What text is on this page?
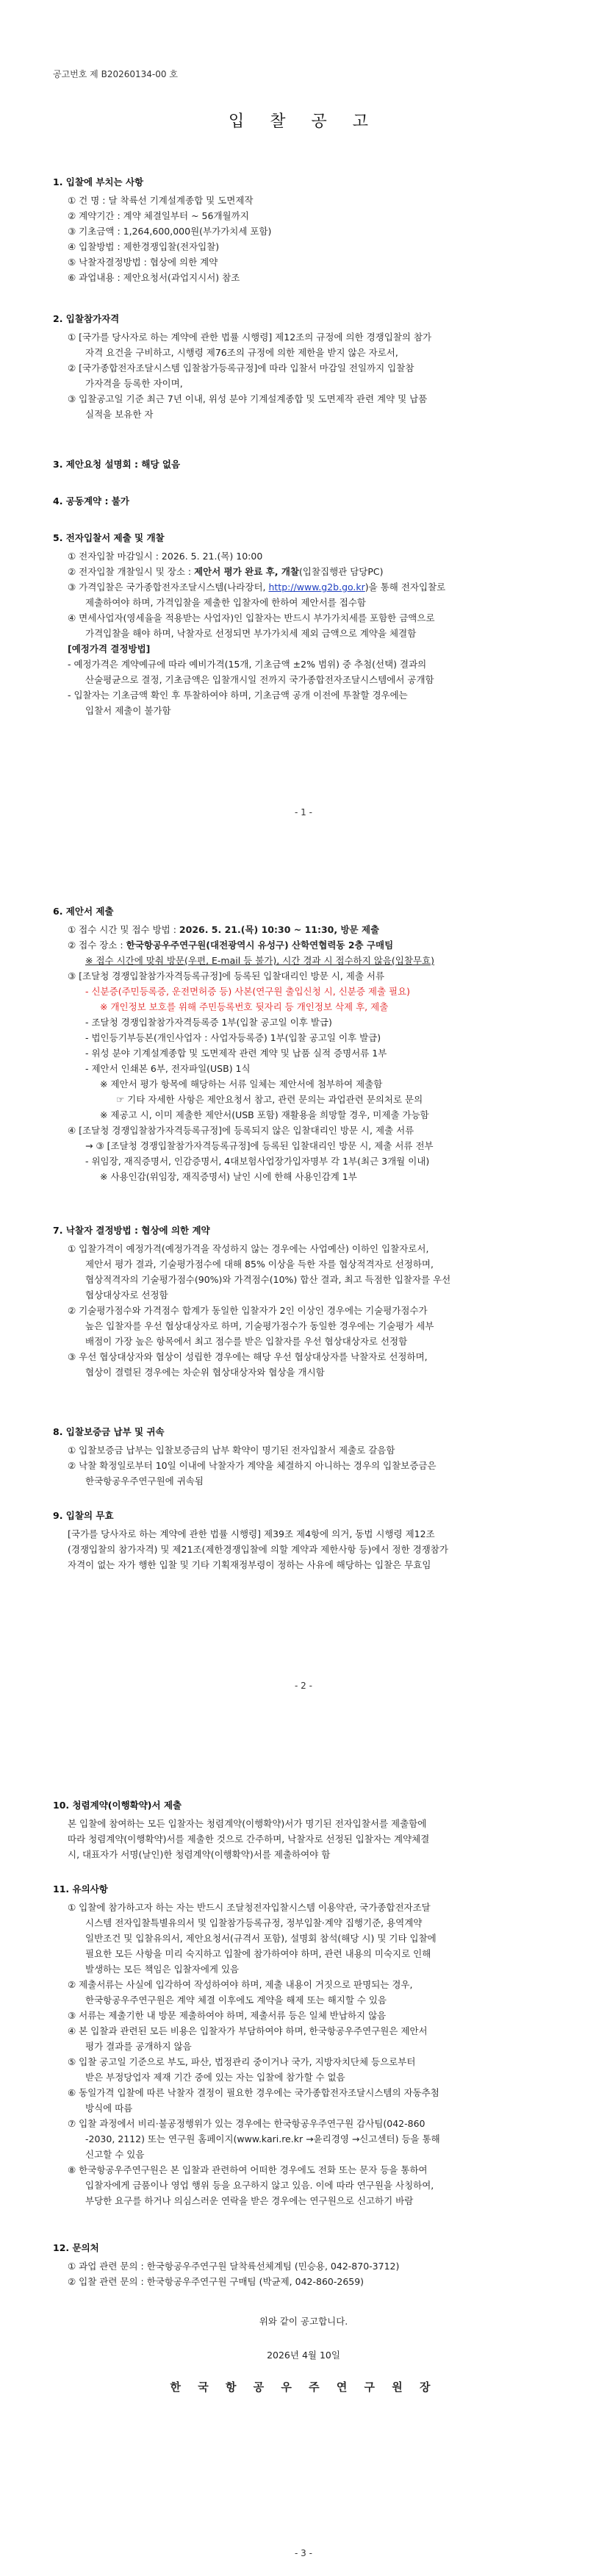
공고번호 제 B20260134-00 호
입 찰 공 고

1. 입찰에 부치는 사항

① 건 명 : 달 착륙선 기계설계종합 및 도면제작

② 계약기간 : 계약 체결일부터 ~ 56개월까지

③ 기초금액 : 1,264,600,000원(부가가치세 포함)

④ 입찰방법 : 제한경쟁입찰(전자입찰)

⑤ 낙찰자결정방법 : 협상에 의한 계약

⑥ 과업내용 : 제안요청서(과업지시서) 참조

2. 입찰참가자격

① [국가를 당사자로 하는 계약에 관한 법률 시행령] 제12조의 규정에 의한 경쟁입찰의 참가

자격 요건을 구비하고, 시행령 제76조의 규정에 의한 제한을 받지 않은 자로서,

② [국가종합전자조달시스템 입찰참가등록규정]에 따라 입찰서 마감일 전일까지 입찰참

가자격을 등록한 자이며,

③ 입찰공고일 기준 최근 7년 이내, 위성 분야 기계설계종합 및 도면제작 관련 계약 및 납품

실적을 보유한 자

3. 제안요청 설명회 : 해당 없음

4. 공동계약 : 불가

5. 전자입찰서 제출 및 개찰

① 전자입찰 마감일시 : 2026. 5. 21.(목) 10:00

② 전자입찰 개찰일시 및 장소 : 제안서 평가 완료 후, 개찰(입찰집행관 담당PC)

③ 가격입찰은 국가종합전자조달시스템(나라장터, http://www.g2b.go.kr)을 통해 전자입찰로

제출하여야 하며, 가격입찰을 제출한 입찰자에 한하여 제안서를 접수함

④ 면세사업자(영세율을 적용받는 사업자)인 입찰자는 반드시 부가가치세를 포함한 금액으로

가격입찰을 해야 하며, 낙찰자로 선정되면 부가가치세 제외 금액으로 계약을 체결함

[예정가격 결정방법]

- 예정가격은 계약예규에 따라 예비가격(15개, 기초금액 ±2% 범위) 중 추첨(선택) 결과의

산술평균으로 결정, 기초금액은 입찰개시일 전까지 국가종합전자조달시스템에서 공개함

- 입찰자는 기초금액 확인 후 투찰하여야 하며, 기초금액 공개 이전에 투찰할 경우에는

입찰서 제출이 불가함

- 1 -

6. 제안서 제출

① 접수 시간 및 접수 방법 : 2026. 5. 21.(목) 10:30 ~ 11:30, 방문 제출

② 접수 장소 : 한국항공우주연구원(대전광역시 유성구) 산학연협력동 2층 구매팀

※ 접수 시간에 맞춰 방문(우편, E-mail 등 불가), 시간 경과 시 접수하지 않음(입찰무효)

③ [조달청 경쟁입찰참가자격등록규정]에 등록된 입찰대리인 방문 시, 제출 서류

- 신분증(주민등록증, 운전면허증 등) 사본(연구원 출입신청 시, 신분증 제출 필요)

※ 개인정보 보호를 위해 주민등록번호 뒷자리 등 개인정보 삭제 후, 제출

- 조달청 경쟁입찰참가자격등록증 1부(입찰 공고일 이후 발급)

- 법인등기부등본(개인사업자 : 사업자등록증) 1부(입찰 공고일 이후 발급)

- 위성 분야 기계설계종합 및 도면제작 관련 계약 및 납품 실적 증명서류 1부

- 제안서 인쇄본 6부, 전자파일(USB) 1식

※ 제안서 평가 항목에 해당하는 서류 일체는 제안서에 첨부하여 제출함

☞ 기타 자세한 사항은 제안요청서 참고, 관련 문의는 과업관련 문의처로 문의

※ 제공고 시, 이미 제출한 제안서(USB 포함) 재활용을 희망할 경우, 미제출 가능함

④ [조달청 경쟁입찰참가자격등록규정]에 등록되지 않은 입찰대리인 방문 시, 제출 서류

→ ③ [조달청 경쟁입찰참가자격등록규정]에 등록된 입찰대리인 방문 시, 제출 서류 전부

- 위임장, 재직증명서, 인감증명서, 4대보험사업장가입자명부 각 1부(최근 3개월 이내)

※ 사용인감(위임장, 재직증명서) 날인 시에 한해 사용인감계 1부

7. 낙찰자 결정방법 : 협상에 의한 계약

① 입찰가격이 예정가격(예정가격을 작성하지 않는 경우에는 사업예산) 이하인 입찰자로서,

제안서 평가 결과, 기술평가점수에 대해 85% 이상을 득한 자를 협상적격자로 선정하며,

협상적격자의 기술평가점수(90%)와 가격점수(10%) 합산 결과, 최고 득점한 입찰자를 우선

협상대상자로 선정함

② 기술평가점수와 가격점수 합계가 동일한 입찰자가 2인 이상인 경우에는 기술평가점수가

높은 입찰자를 우선 협상대상자로 하며, 기술평가점수가 동일한 경우에는 기술평가 세부

배점이 가장 높은 항목에서 최고 점수를 받은 입찰자를 우선 협상대상자로 선정함

③ 우선 협상대상자와 협상이 성립한 경우에는 해당 우선 협상대상자를 낙찰자로 선정하며,

협상이 결렬된 경우에는 차순위 협상대상자와 협상을 개시함

8. 입찰보증금 납부 및 귀속

① 입찰보증금 납부는 입찰보증금의 납부 확약이 명기된 전자입찰서 제출로 갈음함

② 낙찰 확정일로부터 10일 이내에 낙찰자가 계약을 체결하지 아니하는 경우의 입찰보증금은

한국항공우주연구원에 귀속됨

9. 입찰의 무효

[국가를 당사자로 하는 계약에 관한 법률 시행령] 제39조 제4항에 의거, 동법 시행령 제12조

(경쟁입찰의 참가자격) 및 제21조(제한경쟁입찰에 의할 계약과 제한사항 등)에서 정한 경쟁참가

자격이 없는 자가 행한 입찰 및 기타 기획재정부령이 정하는 사유에 해당하는 입찰은 무효임

- 2 -

10. 청렴계약(이행확약)서 제출

본 입찰에 참여하는 모든 입찰자는 청렴계약(이행확약)서가 명기된 전자입찰서를 제출함에

따라 청렴계약(이행확약)서를 제출한 것으로 간주하며, 낙찰자로 선정된 입찰자는 계약체결

시, 대표자가 서명(날인)한 청렴계약(이행확약)서를 제출하여야 함

11. 유의사항

① 입찰에 참가하고자 하는 자는 반드시 조달청전자입찰시스템 이용약관, 국가종합전자조달

시스템 전자입찰특별유의서 및 입찰참가등록규정, 정부입찰·계약 집행기준, 용역계약

일반조건 및 입찰유의서, 제안요청서(규격서 포함), 설명회 참석(해당 시) 및 기타 입찰에

필요한 모든 사항을 미리 숙지하고 입찰에 참가하여야 하며, 관련 내용의 미숙지로 인해

발생하는 모든 책임은 입찰자에게 있음

② 제출서류는 사실에 입각하여 작성하여야 하며, 제출 내용이 거짓으로 판명되는 경우,

한국항공우주연구원은 계약 체결 이후에도 계약을 해제 또는 해지할 수 있음

③ 서류는 제출기한 내 방문 제출하여야 하며, 제출서류 등은 일체 반납하지 않음

④ 본 입찰과 관련된 모든 비용은 입찰자가 부담하여야 하며, 한국항공우주연구원은 제안서

평가 결과를 공개하지 않음

⑤ 입찰 공고일 기준으로 부도, 파산, 법정관리 중이거나 국가, 지방자치단체 등으로부터

받은 부정당업자 제재 기간 중에 있는 자는 입찰에 참가할 수 없음

⑥ 동일가격 입찰에 따른 낙찰자 결정이 필요한 경우에는 국가종합전자조달시스템의 자동추첨

방식에 따름

⑦ 입찰 과정에서 비리·불공정행위가 있는 경우에는 한국항공우주연구원 감사팀(042-860

-2030, 2112) 또는 연구원 홈페이지(www.kari.re.kr →윤리경영 →신고센터) 등을 통해

신고할 수 있음

⑧ 한국항공우주연구원은 본 입찰과 관련하여 어떠한 경우에도 전화 또는 문자 등을 통하여

입찰자에게 금품이나 영업 행위 등을 요구하지 않고 있음. 이에 따라 연구원을 사칭하여,

부당한 요구를 하거나 의심스러운 연락을 받은 경우에는 연구원으로 신고하기 바람

12. 문의처

① 과업 관련 문의 : 한국항공우주연구원 달착륙선체계팀 (민승용, 042-870-3712)

② 입찰 관련 문의 : 한국항공우주연구원 구매팀 (박균제, 042-860-2659)

위와 같이 공고합니다.
2026년 4월 10일
한 국 항 공 우 주 연 구 원 장
- 3 -
